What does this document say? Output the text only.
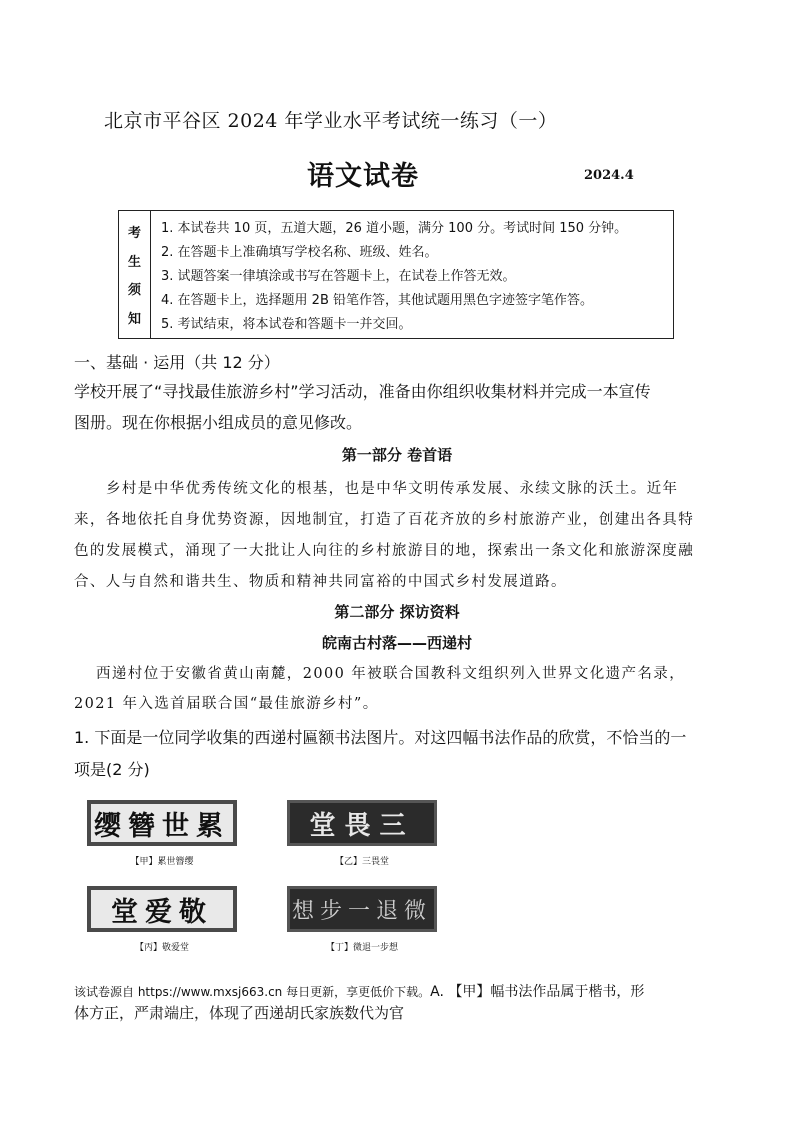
北京市平谷区 2024 年学业水平考试统一练习（一）
语文试卷	2024.4
考
生
须
知
1. 本试卷共 10 页，五道大题，26 道小题，满分 100 分。考试时间 150 分钟。
2. 在答题卡上准确填写学校名称、班级、姓名。
3. 试题答案一律填涂或书写在答题卡上，在试卷上作答无效。
4. 在答题卡上，选择题用 2B 铅笔作答，其他试题用黑色字迹签字笔作答。
5. 考试结束，将本试卷和答题卡一并交回。
一、基础 · 运用（共 12 分）
学校开展了“寻找最佳旅游乡村”学习活动，准备由你组织收集材料并完成一本宣传
图册。现在你根据小组成员的意见修改。
第一部分 卷首语
乡村是中华优秀传统文化的根基，也是中华文明传承发展、永续文脉的沃土。近年
来，各地依托自身优势资源，因地制宜，打造了百花齐放的乡村旅游产业，创建出各具特
色的发展模式，涌现了一大批让人向往的乡村旅游目的地，探索出一条文化和旅游深度融
合、人与自然和谐共生、物质和精神共同富裕的中国式乡村发展道路。
第二部分 探访资料
皖南古村落——西递村
西递村位于安徽省黄山南麓，2000 年被联合国教科文组织列入世界文化遗产名录，
2021 年入选首届联合国“最佳旅游乡村”。
1. 下面是一位同学收集的西递村匾额书法图片。对这四幅书法作品的欣赏，不恰当的一
项是(2 分)
缨簪世累
【甲】累世簪缨
堂畏三
【乙】三畏堂
堂爱敬
【丙】敬爱堂
想步一退微
【丁】微退一步想
该试卷源自 https://www.mxsj663.cn 每日更新，享更低价下载。A. 【甲】幅书法作品属于楷书，形
体方正，严肃端庄，体现了西递胡氏家族数代为官
